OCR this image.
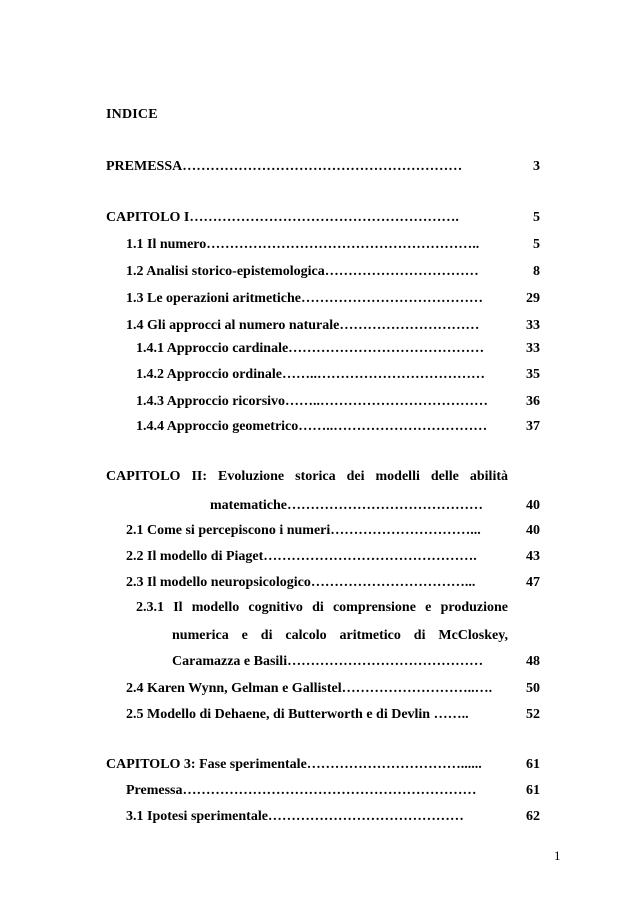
INDICE
PREMESSA……………………………………………………	3
CAPITOLO I………………………………………………….	5
1.1 Il numero…………………………………………………..	5
1.2 Analisi storico-epistemologica……………………………	8
1.3 Le operazioni aritmetiche…………………………………	29
1.4 Gli approcci al numero naturale…………………………	33
1.4.1 Approccio cardinale……………………………………	33
1.4.2 Approccio ordinale……..………………………………	35
1.4.3 Approccio ricorsivo……..………………………………	36
1.4.4 Approccio geometrico……..……………………………	37
CAPITOLO II: Evoluzione storica dei modelli delle abilità
matematiche……………………………………	40
2.1 Come si percepiscono i numeri…………………………...	40
2.2 Il modello di Piaget……………………………………….	43
2.3 Il modello neuropsicologico……………………………...	47
2.3.1 Il modello cognitivo di comprensione e produzione
numerica e di calcolo aritmetico di McCloskey,
Caramazza e Basili……………………………………	48
2.4 Karen Wynn, Gelman e Gallistel………………………..….	50
2.5 Modello di Dehaene, di Butterworth e di Devlin ……..	52
CAPITOLO 3: Fase sperimentale……………………………......	61
Premessa………………………………………………………	61
3.1 Ipotesi sperimentale……………………………………	62
1
